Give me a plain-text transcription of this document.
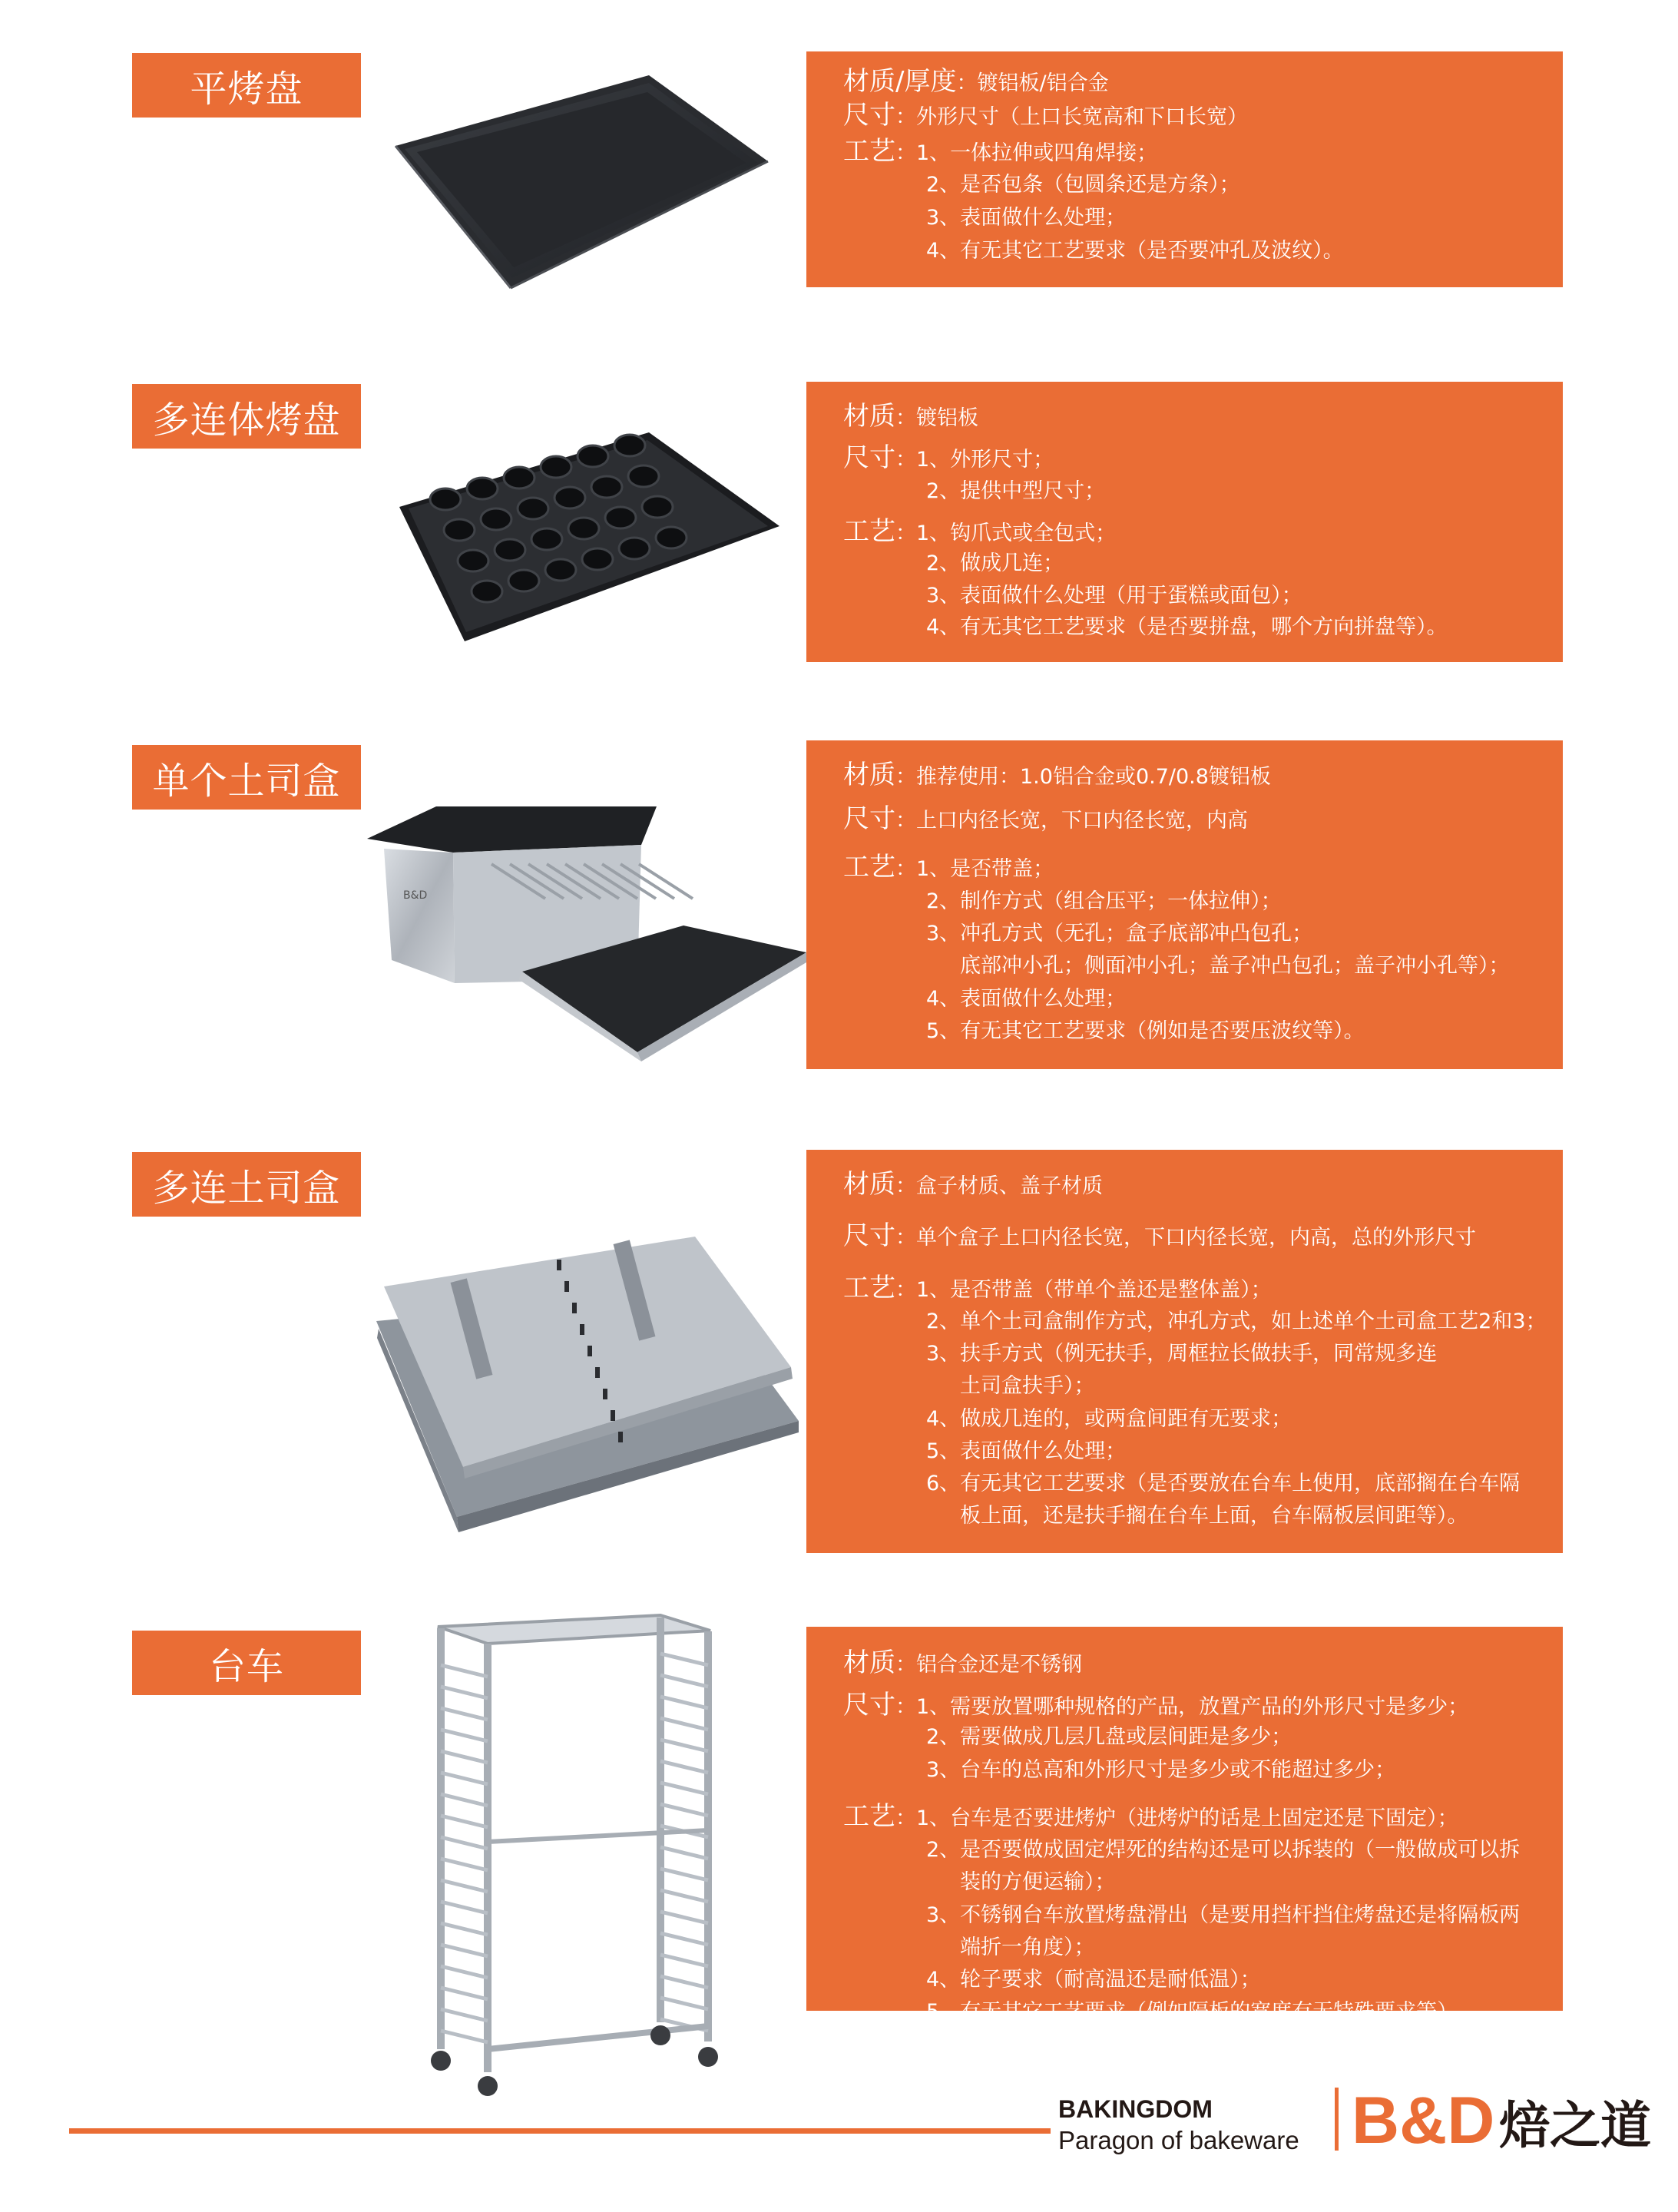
平烤盘	材质/厚度：镀铝板/铝合金
尺寸：外形尺寸（上口长宽高和下口长宽）
工艺：1、一体拉伸或四角焊接；
2、是否包条（包圆条还是方条）；
3、表面做什么处理；
4、有无其它工艺要求（是否要冲孔及波纹）。
多连体烤盘	材质：镀铝板
尺寸：1、外形尺寸；
2、提供中型尺寸；
工艺：1、钩爪式或全包式；
2、做成几连；
3、表面做什么处理（用于蛋糕或面包）；
4、有无其它工艺要求（是否要拼盘，哪个方向拼盘等）。
单个土司盒
B&D
材质：推荐使用：1.0铝合金或0.7/0.8镀铝板
尺寸：上口内径长宽，下口内径长宽，内高
工艺：1、是否带盖；
2、制作方式（组合压平；一体拉伸）；
3、冲孔方式（无孔；盒子底部冲凸包孔；
底部冲小孔；侧面冲小孔；盖子冲凸包孔；盖子冲小孔等）；
4、表面做什么处理；
5、有无其它工艺要求（例如是否要压波纹等）。
多连土司盒	材质：盒子材质、盖子材质
尺寸：单个盒子上口内径长宽，下口内径长宽，内高，总的外形尺寸
工艺：1、是否带盖（带单个盖还是整体盖）；
2、单个土司盒制作方式，冲孔方式，如上述单个土司盒工艺2和3；
3、扶手方式（例无扶手，周框拉长做扶手，同常规多连
土司盒扶手）；
4、做成几连的，或两盒间距有无要求；
5、表面做什么处理；
6、有无其它工艺要求（是否要放在台车上使用，底部搁在台车隔
板上面，还是扶手搁在台车上面，台车隔板层间距等）。
台车	材质：铝合金还是不锈钢
尺寸：1、需要放置哪种规格的产品，放置产品的外形尺寸是多少；
2、需要做成几层几盘或层间距是多少；
3、台车的总高和外形尺寸是多少或不能超过多少；
工艺：1、台车是否要进烤炉（进烤炉的话是上固定还是下固定）；
2、是否要做成固定焊死的结构还是可以拆装的（一般做成可以拆
装的方便运输）；
3、不锈钢台车放置烤盘滑出（是要用挡杆挡住烤盘还是将隔板两
端折一角度）；
4、轮子要求（耐高温还是耐低温）；
5、有无其它工艺要求（例如隔板的宽度有无特殊要求等）。
BAKINGDOM
Paragon of bakeware B&D 焙之道
